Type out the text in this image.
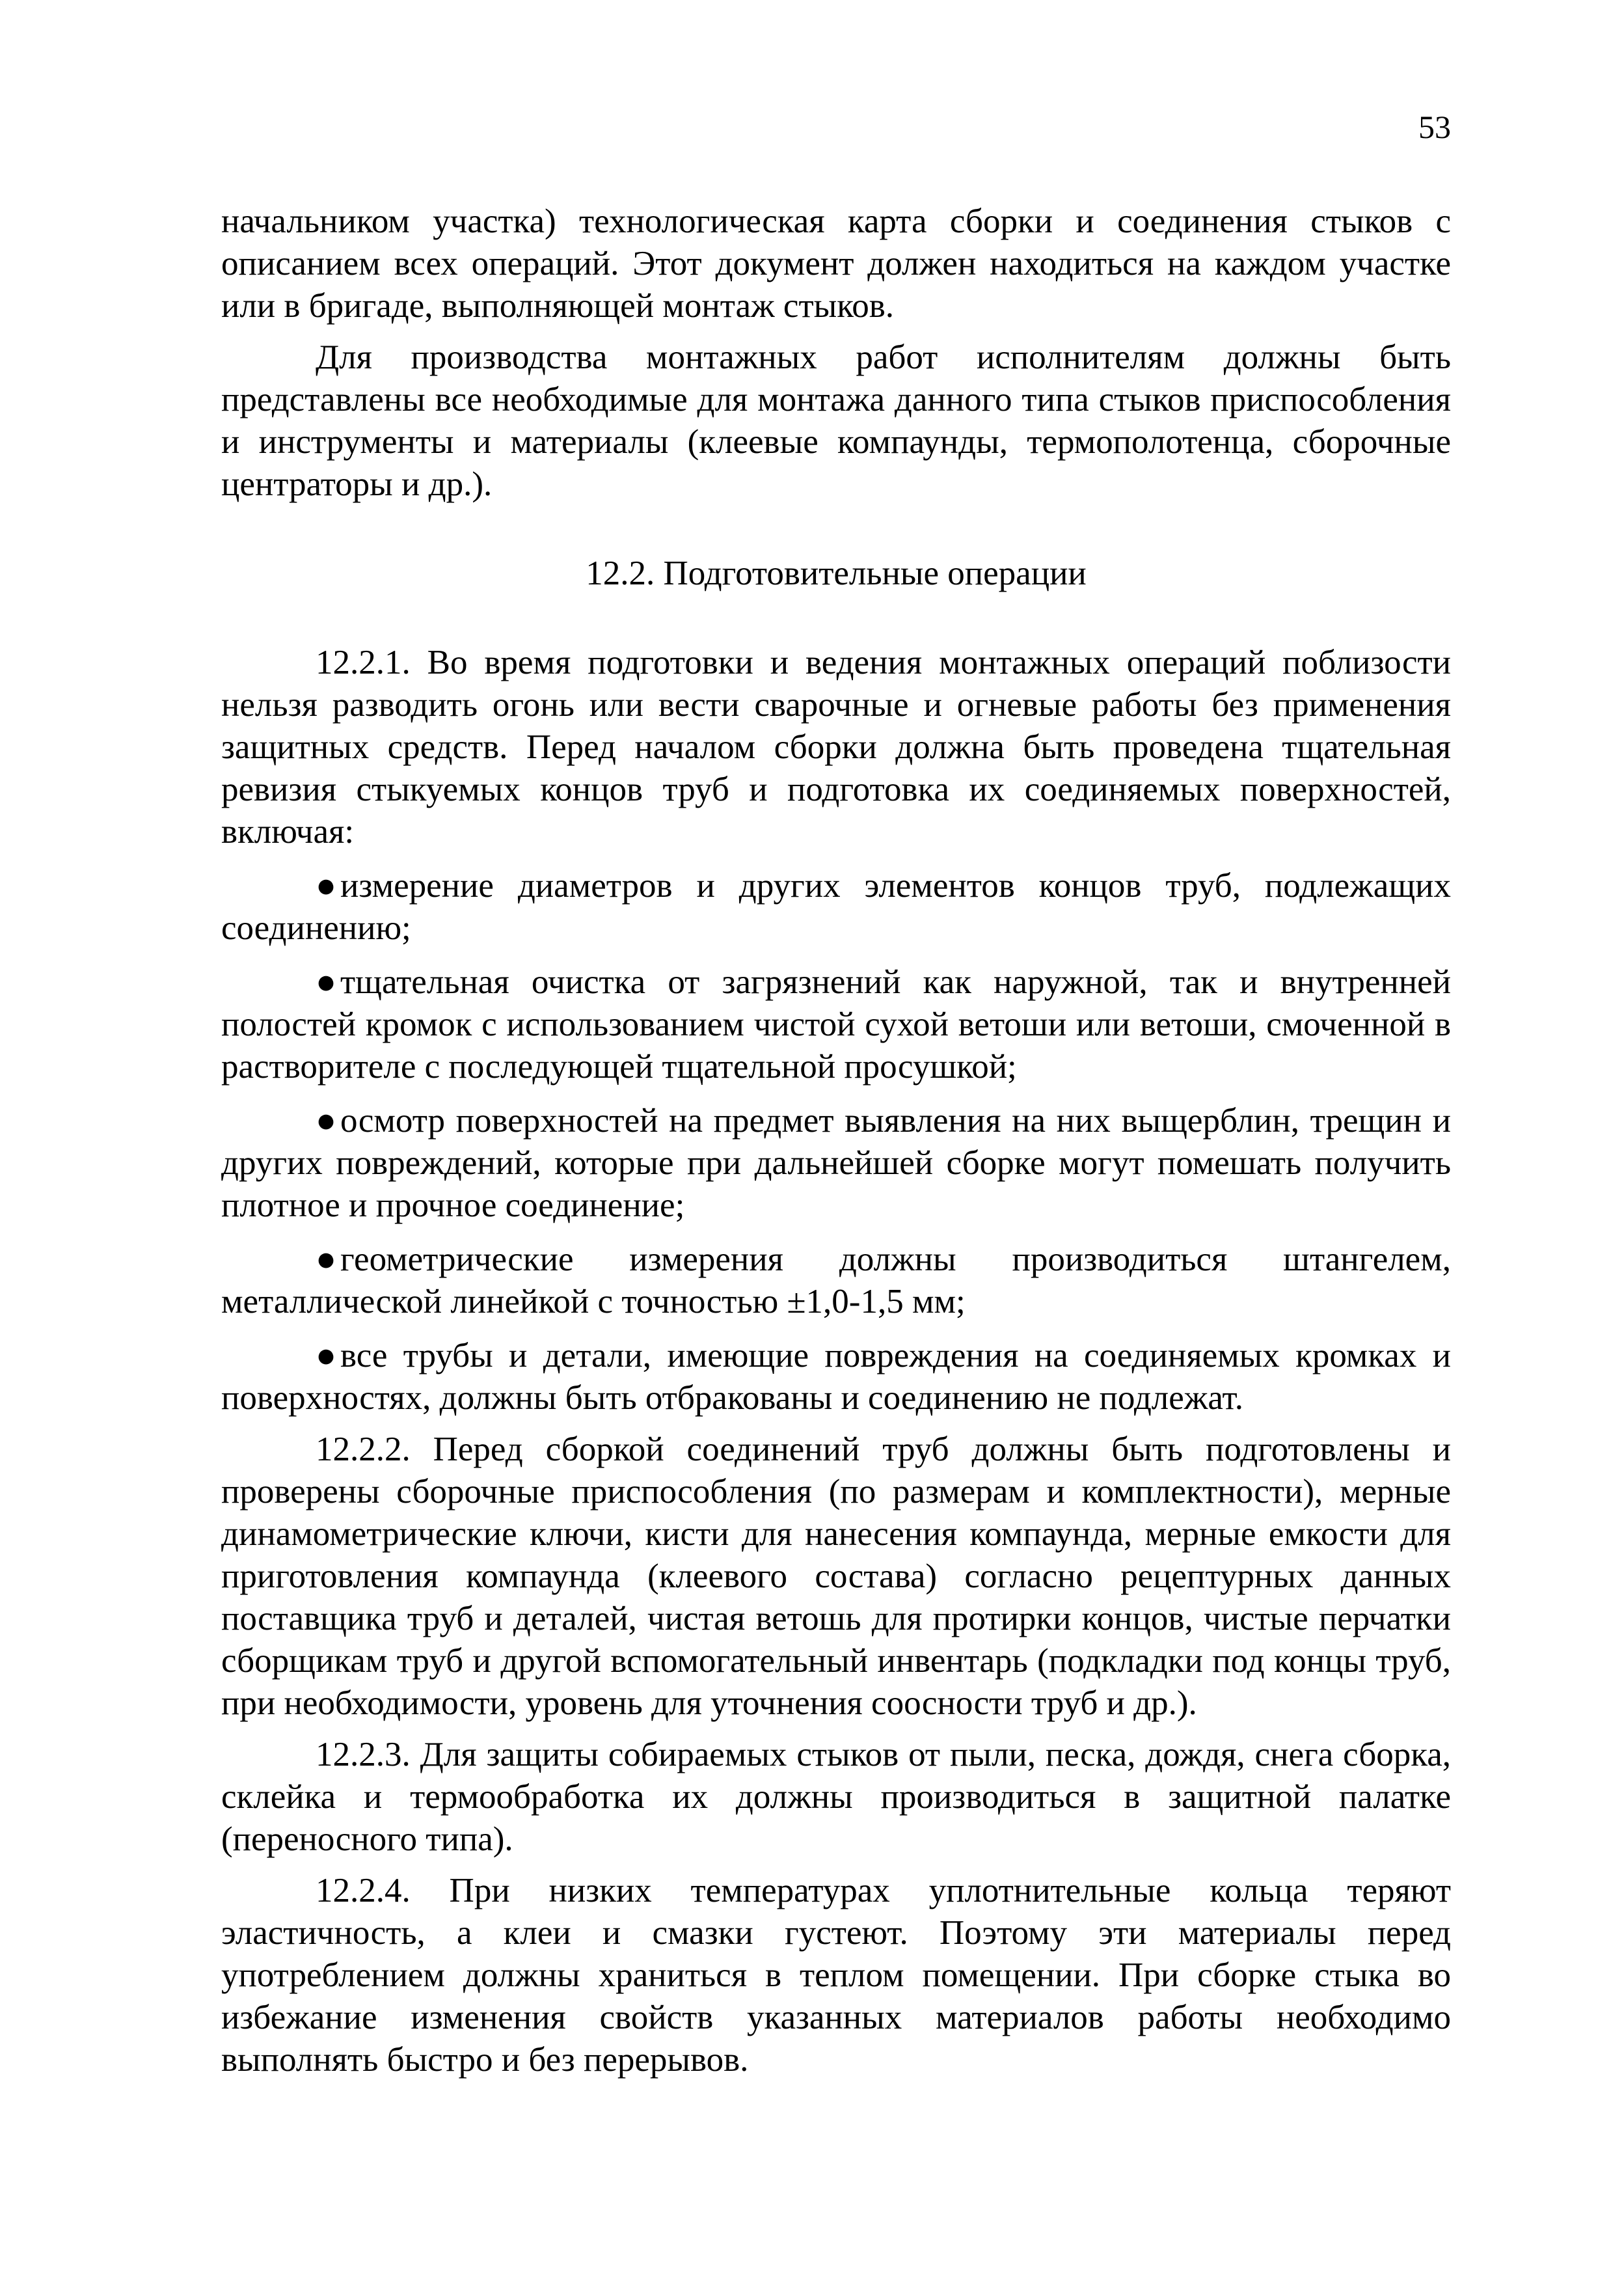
53

начальником участка) технологическая карта сборки и соединения стыков с описанием всех операций. Этот документ должен находиться на каждом участке или в бригаде, выполняющей монтаж стыков.

Для производства монтажных работ исполнителям должны быть представлены все необходимые для монтажа данного типа стыков приспособления и инструменты и материалы (клеевые компаунды, термополотенца, сборочные центраторы и др.).

12.2. Подготовительные операции

12.2.1. Во время подготовки и ведения монтажных операций поблизости нельзя разводить огонь или вести сварочные и огневые работы без применения защитных средств. Перед началом сборки должна быть проведена тщательная ревизия стыкуемых концов труб и подготовка их соединяемых поверхностей, включая:

● измерение диаметров и других элементов концов труб, подлежащих соединению;

● тщательная очистка от загрязнений как наружной, так и внутренней полостей кромок с использованием чистой сухой ветоши или ветоши, смоченной в растворителе с последующей тщательной просушкой;

● осмотр поверхностей на предмет выявления на них выщерблин, трещин и других повреждений, которые при дальнейшей сборке могут помешать получить плотное и прочное соединение;

● геометрические измерения должны производиться штангелем, металлической линейкой с точностью ±1,0-1,5 мм;

● все трубы и детали, имеющие повреждения на соединяемых кромках и поверхностях, должны быть отбракованы и соединению не подлежат.

12.2.2. Перед сборкой соединений труб должны быть подготовлены и проверены сборочные приспособления (по размерам и комплектности), мерные динамометрические ключи, кисти для нанесения компаунда, мерные емкости для приготовления компаунда (клеевого состава) согласно рецептурных данных поставщика труб и деталей, чистая ветошь для протирки концов, чистые перчатки сборщикам труб и другой вспомогательный инвентарь (подкладки под концы труб, при необходимости, уровень для уточнения соосности труб и др.).

12.2.3. Для защиты собираемых стыков от пыли, песка, дождя, снега сборка, склейка и термообработка их должны производиться в защитной палатке (переносного типа).

12.2.4. При низких температурах уплотнительные кольца теряют эластичность, а клеи и смазки густеют. Поэтому эти материалы перед употреблением должны храниться в теплом помещении. При сборке стыка во избежание изменения свойств указанных материалов работы необходимо выполнять быстро и без перерывов.
